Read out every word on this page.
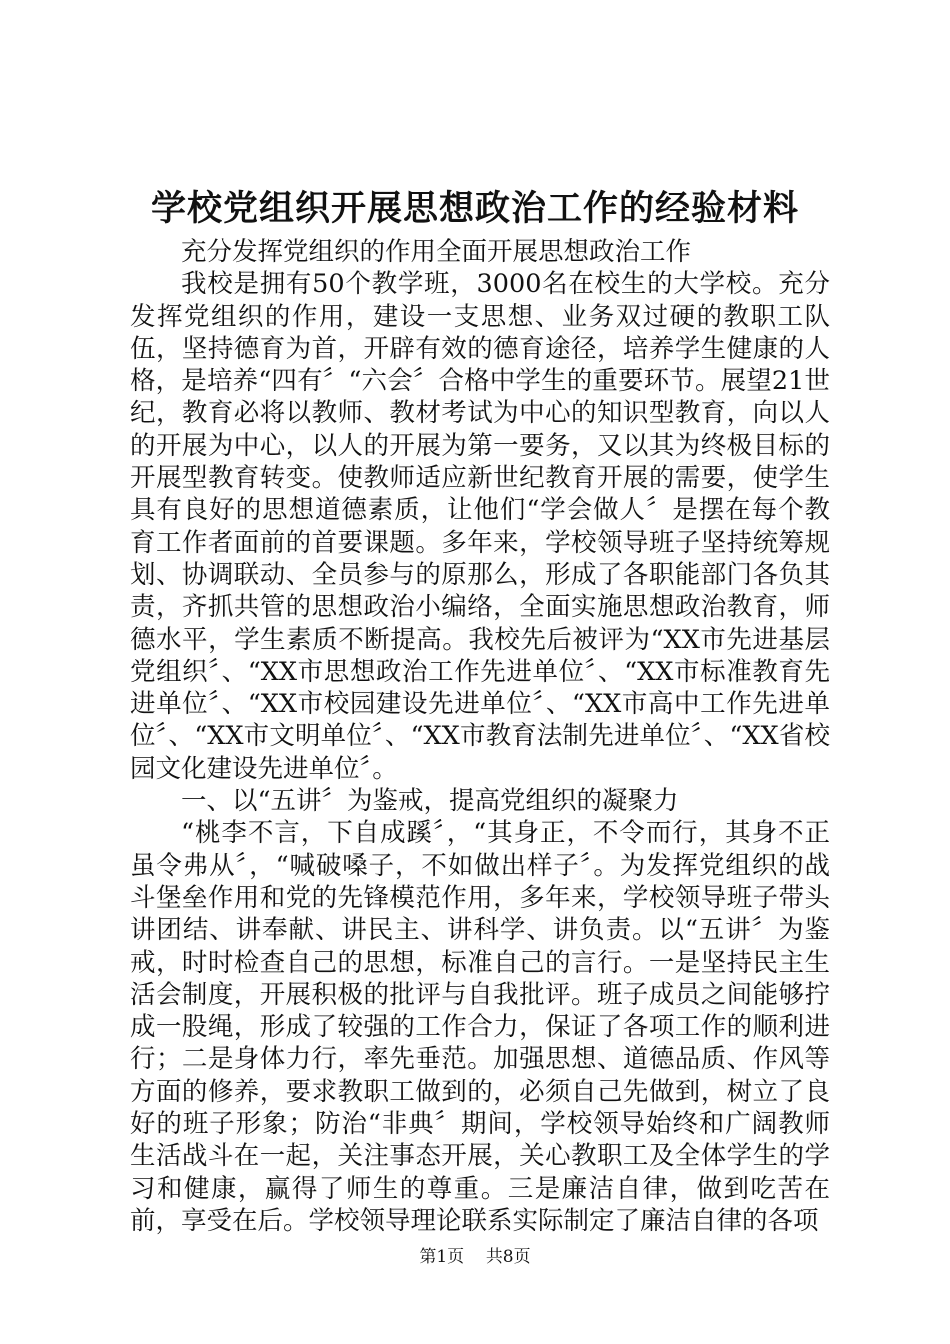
学校党组织开展思想政治工作的经验材料

充分发挥党组织的作用全面开展思想政治工作

我校是拥有50个教学班，3000名在校生的大学校。充分发挥党组织的作用，建设一支思想、业务双过硬的教职工队伍，坚持德育为首，开辟有效的德育途径，培养学生健康的人格，是培养“四有〞“六会〞合格中学生的重要环节。展望21世纪，教育必将以教师、教材考试为中心的知识型教育，向以人的开展为中心，以人的开展为第一要务，又以其为终极目标的开展型教育转变。使教师适应新世纪教育开展的需要，使学生具有良好的思想道德素质，让他们“学会做人〞是摆在每个教育工作者面前的首要课题。多年来，学校领导班子坚持统筹规划、协调联动、全员参与的原那么，形成了各职能部门各负其责，齐抓共管的思想政治小编络，全面实施思想政治教育，师德水平，学生素质不断提高。我校先后被评为“XX市先进基层党组织〞、“XX市思想政治工作先进单位〞、“XX市标准教育先进单位〞、“XX市校园建设先进单位〞、“XX市高中工作先进单位〞、“XX市文明单位〞、“XX市教育法制先进单位〞、“XX省校园文化建设先进单位〞。

一、以“五讲〞为鉴戒，提高党组织的凝聚力

“桃李不言，下自成蹊〞，“其身正，不令而行，其身不正虽令弗从〞，“喊破嗓子，不如做出样子〞。为发挥党组织的战斗堡垒作用和党的先锋模范作用，多年来，学校领导班子带头讲团结、讲奉献、讲民主、讲科学、讲负责。以“五讲〞为鉴戒，时时检查自己的思想，标准自己的言行。一是坚持民主生活会制度，开展积极的批评与自我批评。班子成员之间能够拧成一股绳，形成了较强的工作合力，保证了各项工作的顺利进行；二是身体力行，率先垂范。加强思想、道德品质、作风等方面的修养，要求教职工做到的，必须自己先做到，树立了良好的班子形象；防治“非典〞期间，学校领导始终和广阔教师生活战斗在一起，关注事态开展，关心教职工及全体学生的学习和健康，赢得了师生的尊重。三是廉洁自律，做到吃苦在前，享受在后。学校领导理论联系实际制定了廉洁自律的各项

第1页 共8页
